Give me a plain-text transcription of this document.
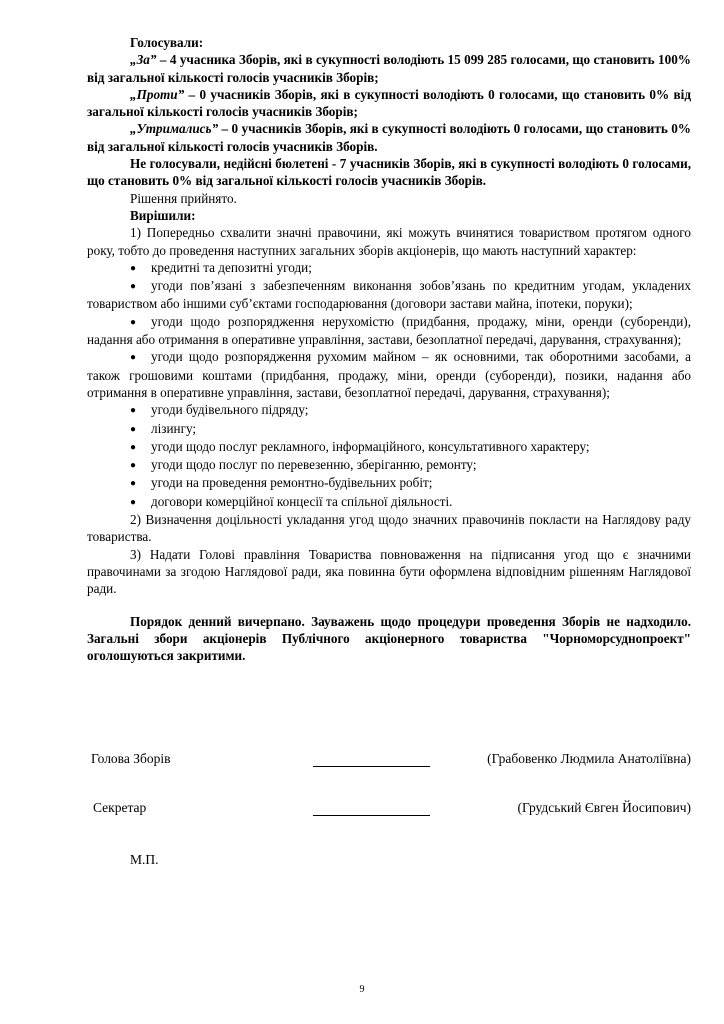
Голосували:

„За” – 4 учасника Зборів, які в сукупності володіють 15 099 285 голосами, що становить 100% від загальної кількості голосів учасників Зборів;

„Проти” – 0 учасників Зборів, які в сукупності володіють 0 голосами, що становить 0% від загальної кількості голосів учасників Зборів;

„Утримались” – 0 учасників Зборів, які в сукупності володіють 0 голосами, що становить 0% від загальної кількості голосів учасників Зборів.

Не голосували, недійсні бюлетені - 7 учасників Зборів, які в сукупності володіють 0 голосами, що становить 0% від загальної кількості голосів учасників Зборів.

Рішення прийнято.

Вирішили:

1) Попередньо схвалити значні правочини, які можуть вчинятися товариством протягом одного року, тобто до проведення наступних загальних зборів акціонерів, що мають наступний характер:

● кредитні та депозитні угоди;
● угоди пов’язані з забезпеченням виконання зобов’язань по кредитним угодам, укладених товариством або іншими суб’єктами господарювання (договори застави майна, іпотеки, поруки);
● угоди щодо розпорядження нерухомістю (придбання, продажу, міни, оренди (суборенди), надання або отримання в оперативне управління, застави, безоплатної передачі, дарування, страхування);
● угоди щодо розпорядження рухомим майном – як основними, так оборотними засобами, а також грошовими коштами (придбання, продажу, міни, оренди (суборенди), позики, надання або отримання в оперативне управління, застави, безоплатної передачі, дарування, страхування);
● угоди будівельного підряду;
● лізингу;
● угоди щодо послуг рекламного, інформаційного, консультативного характеру;
● угоди щодо послуг по перевезенню, зберіганню, ремонту;
● угоди на проведення ремонтно-будівельних робіт;
● договори комерційної концесії та спільної діяльності.

2) Визначення доцільності укладання угод щодо значних правочинів покласти на Наглядову раду товариства.

3) Надати Голові правління Товариства повноваження на підписання угод що є значними правочинами за згодою Наглядової ради, яка повинна бути оформлена відповідним рішенням Наглядової ради.

Порядок денний вичерпано. Зауважень щодо процедури проведення Зборів не надходило. Загальні збори акціонерів Публічного акціонерного товариства "Чорноморсуднопроект" оголошуються закритими.

Голова Зборів	(Грабовенко Людмила Анатоліївна)
Секретар	(Грудський Євген Йосипович)
М.П.
9
